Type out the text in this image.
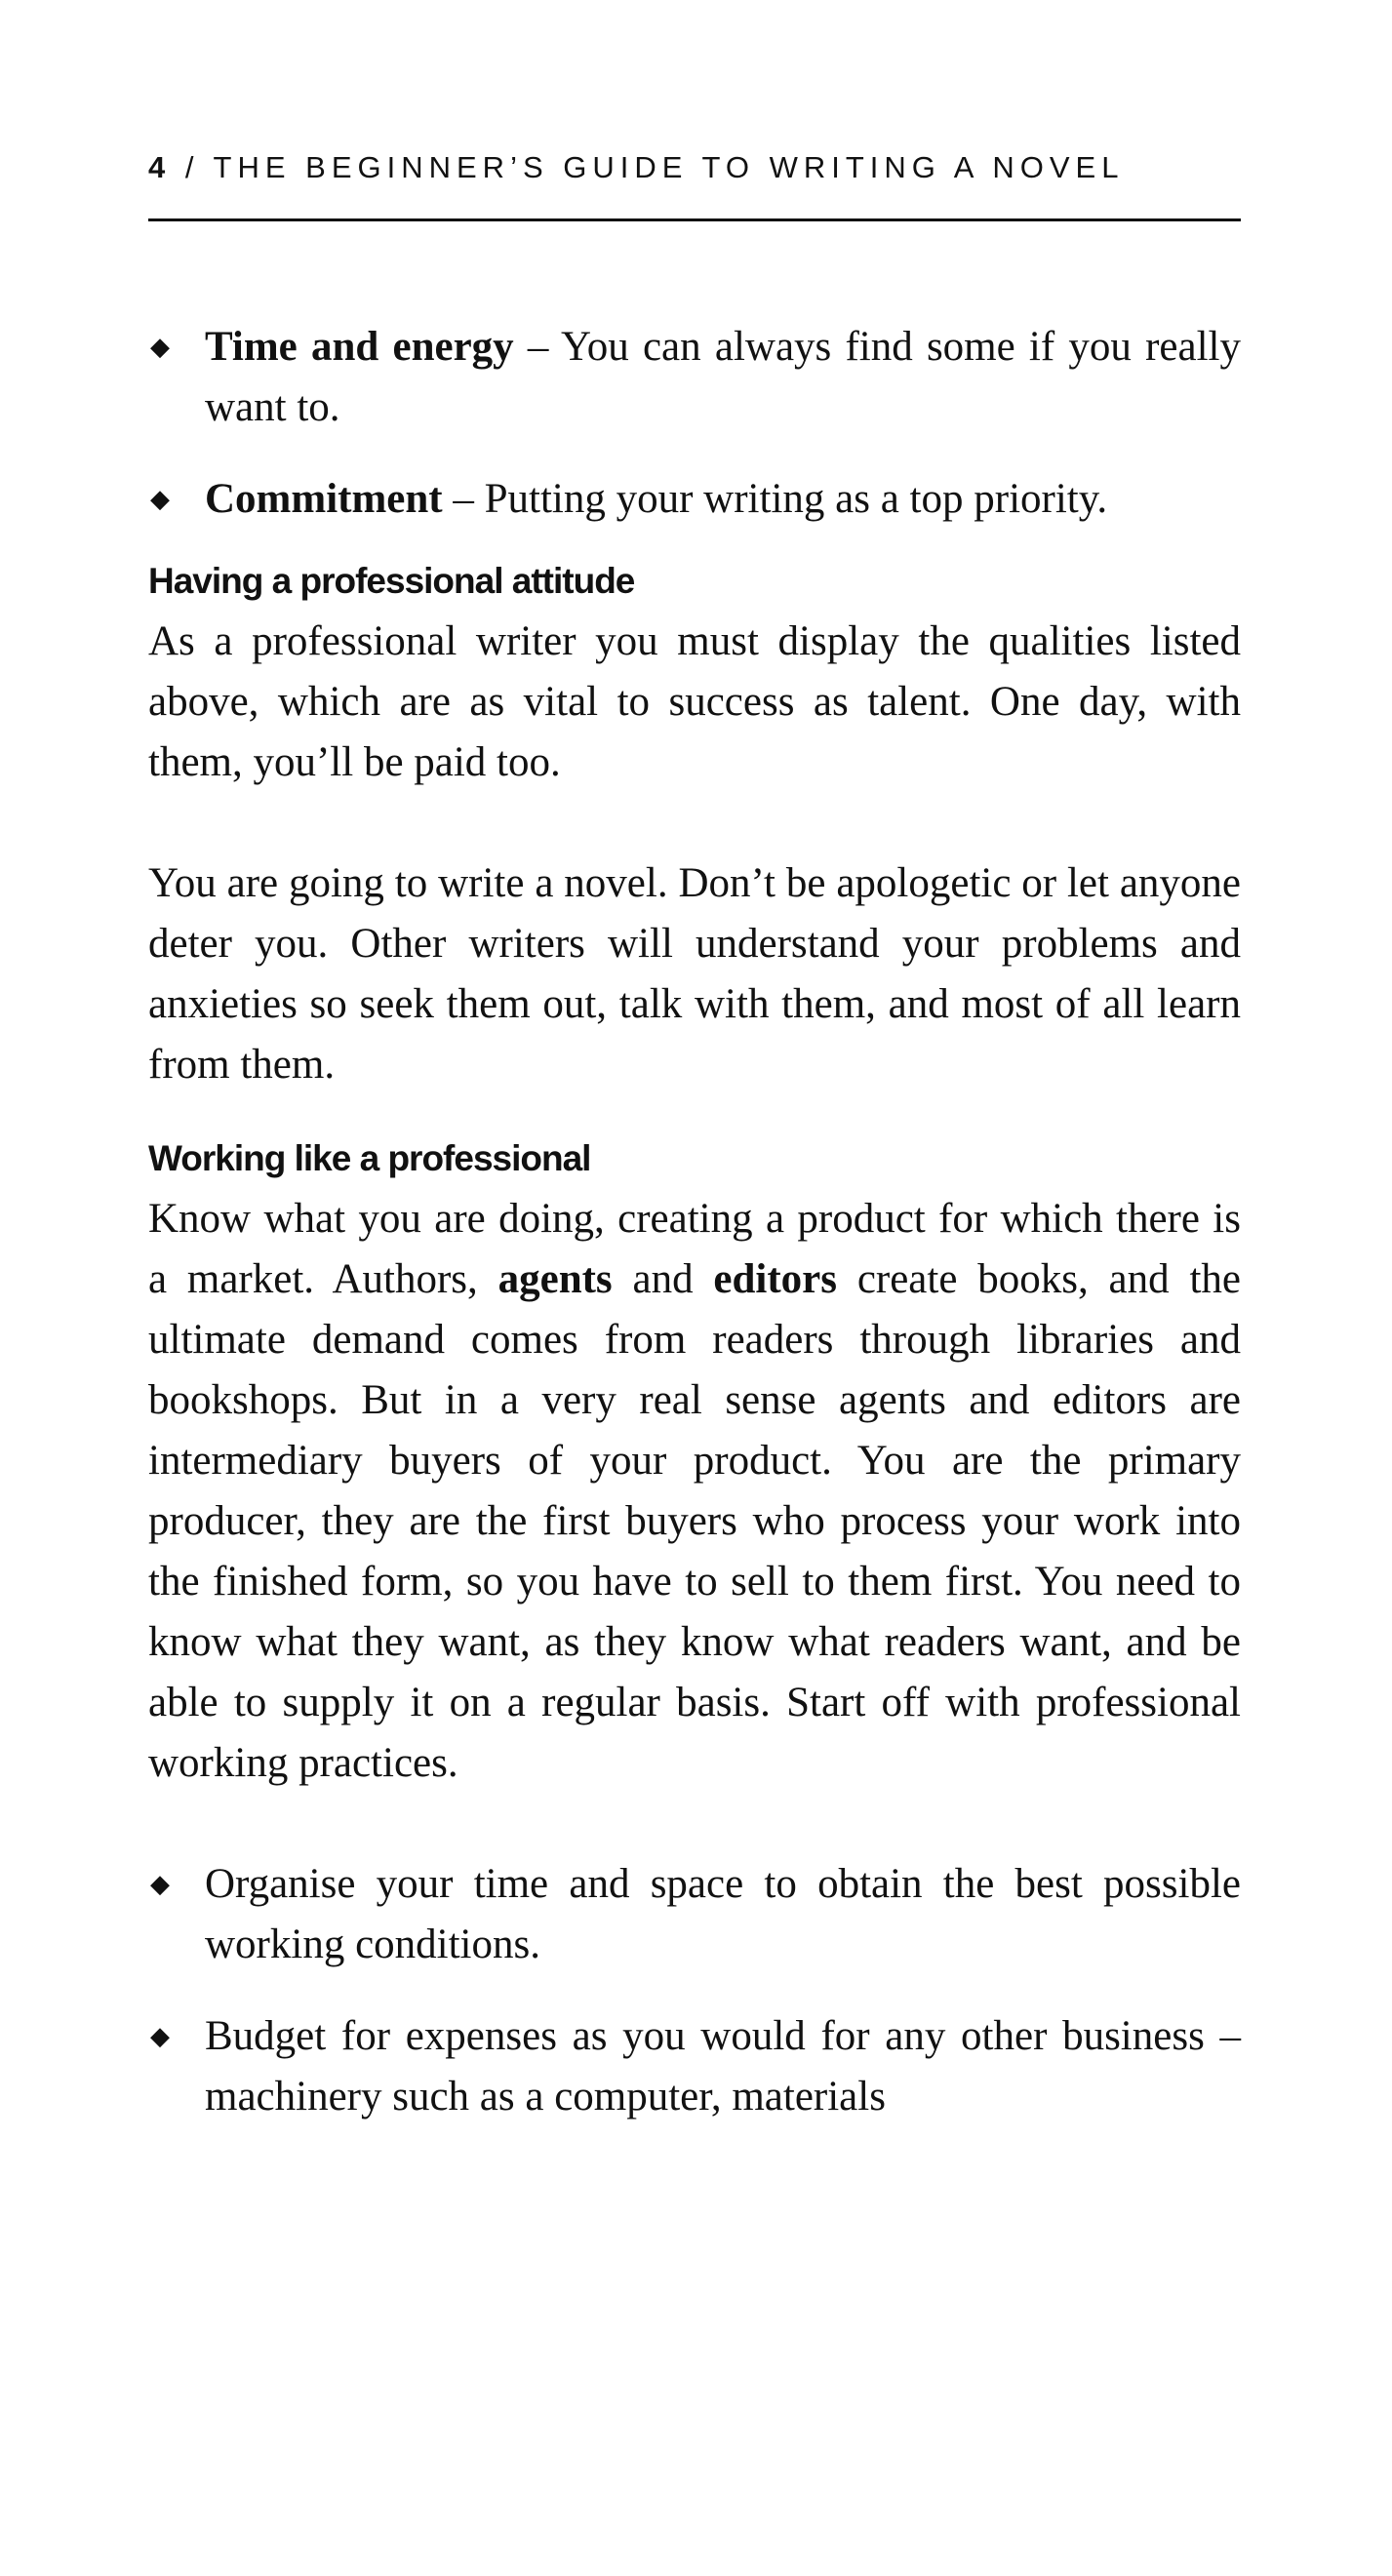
4 / THE BEGINNER’S GUIDE TO WRITING A NOVEL
◆ Time and energy – You can always find some if you really want to.
◆ Commitment – Putting your writing as a top priority.
Having a professional attitude

As a professional writer you must display the qualities listed above, which are as vital to success as talent. One day, with them, you’ll be paid too.

You are going to write a novel. Don’t be apologetic or let anyone deter you. Other writers will understand your problems and anxieties so seek them out, talk with them, and most of all learn from them.

Working like a professional

Know what you are doing, creating a product for which there is a market. Authors, agents and editors create books, and the ultimate demand comes from readers through libraries and bookshops. But in a very real sense agents and editors are intermediary buyers of your product. You are the primary producer, they are the first buyers who process your work into the finished form, so you have to sell to them first. You need to know what they want, as they know what readers want, and be able to supply it on a regular basis. Start off with professional working practices.

◆ Organise your time and space to obtain the best possible working conditions.
◆ Budget for expenses as you would for any other business – machinery such as a computer, materials
